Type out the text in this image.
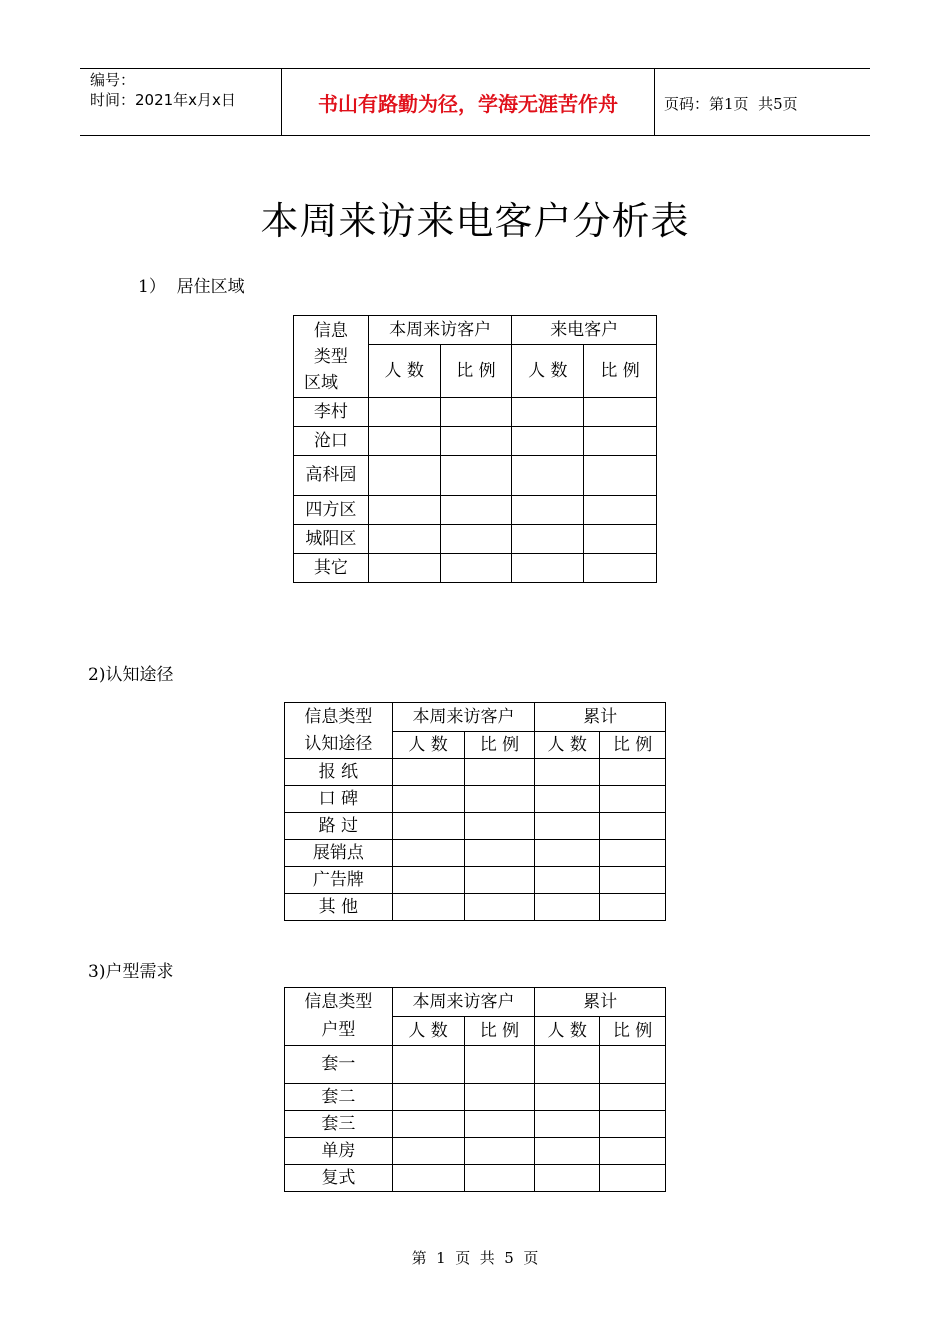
编号：
时间：2021年x月x日	书山有路勤为径，学海无涯苦作舟	页码：第1页  共5页
本周来访来电客户分析表
1）  居住区域
信息
类型
区域	本周来访客户		来电客户	
	人 数	比 例	人 数	比 例
李村				
沧口				
高科园				
四方区				
城阳区				
其它				
2)认知途径
信息类型	本周来访客户		累计	
认知途径	人 数	比 例	人 数	比 例
报 纸				
口 碑				
路 过				
展销点				
广告牌				
其 他				
3)户型需求
信息类型	本周来访客户		累计	
户型	人 数	比 例	人 数	比 例
套一				
套二				
套三				
单房				
复式				
第  1  页  共  5  页
